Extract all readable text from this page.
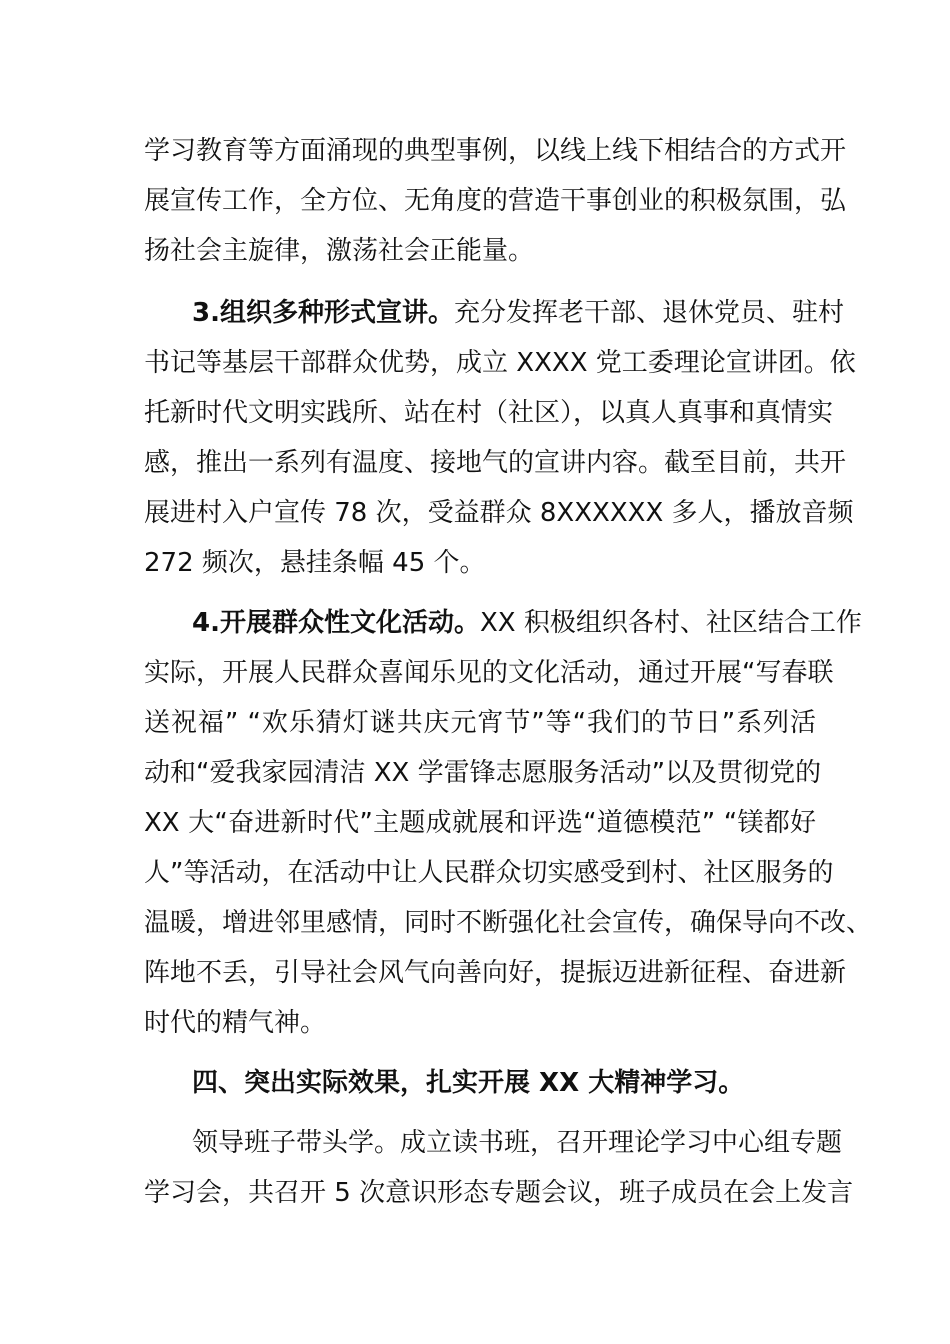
学习教育等方面涌现的典型事例，以线上线下相结合的方式开
展宣传工作，全方位、无角度的营造干事创业的积极氛围，弘
扬社会主旋律，激荡社会正能量。
3.组织多种形式宣讲。充分发挥老干部、退休党员、驻村
书记等基层干部群众优势，成立 XXXX 党工委理论宣讲团。依
托新时代文明实践所、站在村（社区），以真人真事和真情实
感，推出一系列有温度、接地气的宣讲内容。截至目前，共开
展进村入户宣传 78 次，受益群众 8XXXXXX 多人，播放音频
272 频次，悬挂条幅 45 个。
4.开展群众性文化活动。XX 积极组织各村、社区结合工作
实际，开展人民群众喜闻乐见的文化活动，通过开展“写春联
送祝福” “欢乐猜灯谜共庆元宵节”等“我们的节日”系列活
动和“爱我家园清洁 XX 学雷锋志愿服务活动”以及贯彻党的
XX 大“奋进新时代”主题成就展和评选“道德模范” “镁都好
人”等活动，在活动中让人民群众切实感受到村、社区服务的
温暖，增进邻里感情，同时不断强化社会宣传，确保导向不改、
阵地不丢，引导社会风气向善向好，提振迈进新征程、奋进新
时代的精气神。
四、突出实际效果，扎实开展 XX 大精神学习。
领导班子带头学。成立读书班，召开理论学习中心组专题
学习会，共召开 5 次意识形态专题会议，班子成员在会上发言
